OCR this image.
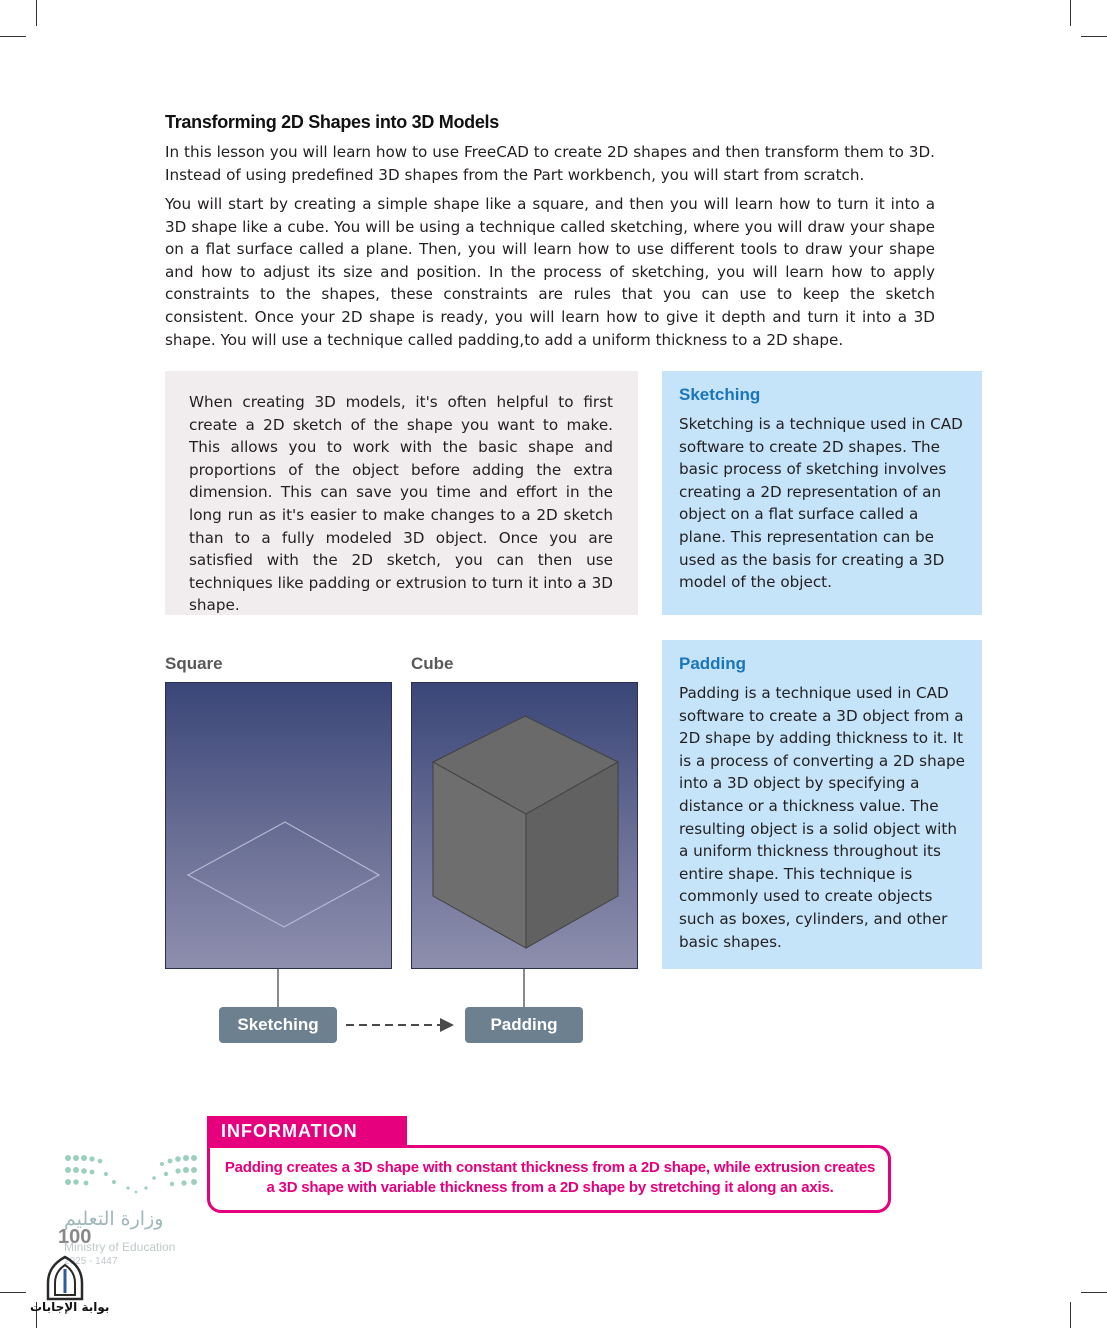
Transforming 2D Shapes into 3D Models

In this lesson you will learn how to use FreeCAD to create 2D shapes and then transform them to 3D. Instead of using predefined 3D shapes from the Part workbench, you will start from scratch.

You will start by creating a simple shape like a square, and then you will learn how to turn it into a 3D shape like a cube. You will be using a technique called sketching, where you will draw your shape on a flat surface called a plane. Then, you will learn how to use different tools to draw your shape and how to adjust its size and position. In the process of sketching, you will learn how to apply constraints to the shapes, these constraints are rules that you can use to keep the sketch consistent. Once your 2D shape is ready, you will learn how to give it depth and turn it into a 3D shape. You will use a technique called padding,to add a uniform thickness to a 2D shape.

When creating 3D models, it's often helpful to first create a 2D sketch of the shape you want to make. This allows you to work with the basic shape and proportions of the object before adding the extra dimension. This can save you time and effort in the long run as it's easier to make changes to a 2D sketch than to a fully modeled 3D object. Once you are satisfied with the 2D sketch, you can then use techniques like padding or extrusion to turn it into a 3D shape.

Sketching

Sketching is a technique used in CAD software to create 2D shapes. The basic process of sketching involves creating a 2D representation of an object on a flat surface called a plane. This representation can be used as the basis for creating a 3D model of the object.

Padding

Padding is a technique used in CAD software to create a 3D object from a 2D shape by adding thickness to it. It is a process of converting a 2D shape into a 3D object by specifying a distance or a thickness value. The resulting object is a solid object with a uniform thickness throughout its entire shape. This technique is commonly used to create objects such as boxes, cylinders, and other basic shapes.

Square	Cube
Sketching	Padding

Padding creates a 3D shape with constant thickness from a 2D shape, while extrusion creates a 3D shape with variable thickness from a 2D shape by stretching it along an axis.

INFORMATION
وزارة التعليم
100
Ministry of Education
2025 - 1447
بوابة الإجابات
